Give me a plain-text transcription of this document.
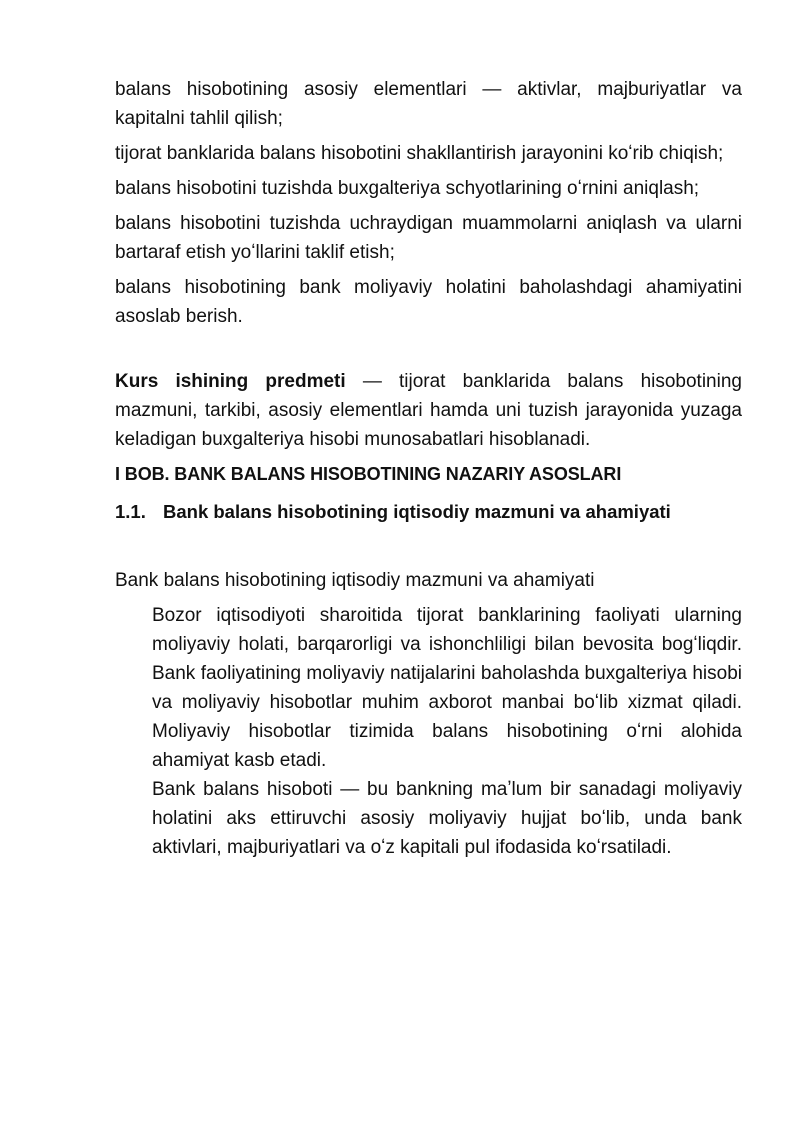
balans hisobotining asosiy elementlari — aktivlar, majburiyatlar va kapitalni tahlil qilish;

tijorat banklarida balans hisobotini shakllantirish jarayonini koʻrib chiqish;

balans hisobotini tuzishda buxgalteriya schyotlarining oʻrnini aniqlash;

balans hisobotini tuzishda uchraydigan muammolarni aniqlash va ularni bartaraf etish yoʻllarini taklif etish;

balans hisobotining bank moliyaviy holatini baholashdagi ahamiyatini asoslab berish.

Kurs ishining predmeti — tijorat banklarida balans hisobotining mazmuni, tarkibi, asosiy elementlari hamda uni tuzish jarayonida yuzaga keladigan buxgalteriya hisobi munosabatlari hisoblanadi.

I BOB. BANK BALANS HISOBOTINING NAZARIY ASOSLARI

1.1. Bank balans hisobotining iqtisodiy mazmuni va ahamiyati

Bank balans hisobotining iqtisodiy mazmuni va ahamiyati

Bozor iqtisodiyoti sharoitida tijorat banklarining faoliyati ularning moliyaviy holati, barqarorligi va ishonchliligi bilan bevosita bogʻliqdir. Bank faoliyatining moliyaviy natijalarini baholashda buxgalteriya hisobi va moliyaviy hisobotlar muhim axborot manbai boʻlib xizmat qiladi. Moliyaviy hisobotlar tizimida balans hisobotining oʻrni alohida ahamiyat kasb etadi.

Bank balans hisoboti — bu bankning maʼlum bir sanadagi moliyaviy holatini aks ettiruvchi asosiy moliyaviy hujjat boʻlib, unda bank aktivlari, majburiyatlari va oʻz kapitali pul ifodasida koʻrsatiladi.
